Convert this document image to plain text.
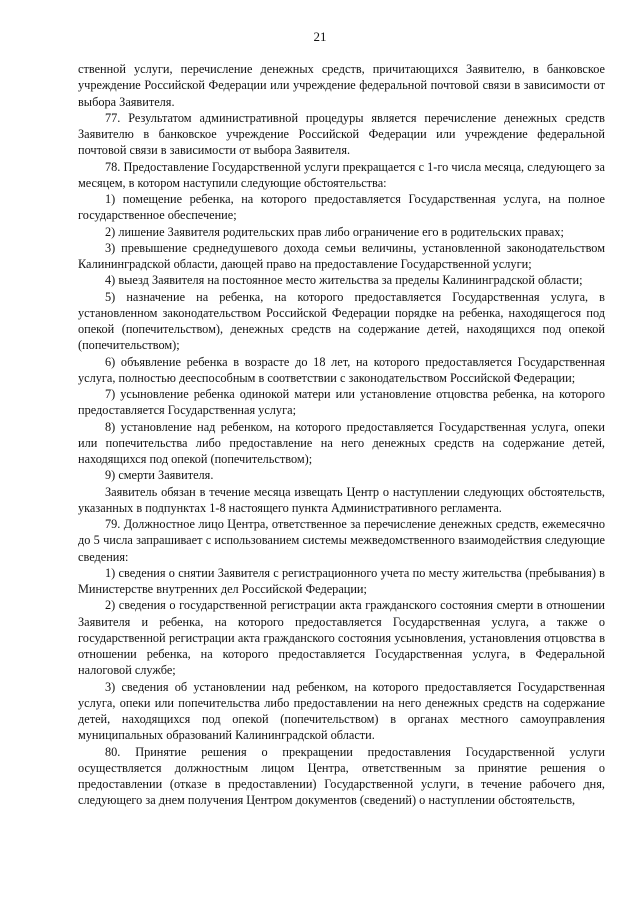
21

ственной услуги, перечисление денежных средств, причитающихся Заявителю, в банковское учреждение Российской Федерации или учреждение федеральной почтовой связи в зависимости от выбора Заявителя.

77. Результатом административной процедуры является перечисление денежных средств Заявителю в банковское учреждение Российской Федерации или учреждение федеральной почтовой связи в зависимости от выбора Заявителя.

78. Предоставление Государственной услуги прекращается с 1-го числа месяца, следующего за месяцем, в котором наступили следующие обстоятельства:

1) помещение ребенка, на которого предоставляется Государственная услуга, на полное государственное обеспечение;

2) лишение Заявителя родительских прав либо ограничение его в родительских правах;

3) превышение среднедушевого дохода семьи величины, установленной законодательством Калининградской области, дающей право на предоставление Государственной услуги;

4) выезд Заявителя на постоянное место жительства за пределы Калининградской области;

5) назначение на ребенка, на которого предоставляется Государственная услуга, в установленном законодательством Российской Федерации порядке на ребенка, находящегося под опекой (попечительством), денежных средств на содержание детей, находящихся под опекой (попечительством);

6) объявление ребенка в возрасте до 18 лет, на которого предоставляется Государственная услуга, полностью дееспособным в соответствии с законодательством Российской Федерации;

7) усыновление ребенка одинокой матери или установление отцовства ребенка, на которого предоставляется Государственная услуга;

8) установление над ребенком, на которого предоставляется Государственная услуга, опеки или попечительства либо предоставление на него денежных средств на содержание детей, находящихся под опекой (попечительством);

9) смерти Заявителя.

Заявитель обязан в течение месяца извещать Центр о наступлении следующих обстоятельств, указанных в подпунктах 1-8 настоящего пункта Административного регламента.

79. Должностное лицо Центра, ответственное за перечисление денежных средств, ежемесячно до 5 числа запрашивает с использованием системы межведомственного взаимодействия следующие сведения:

1) сведения о снятии Заявителя с регистрационного учета по месту жительства (пребывания) в Министерстве внутренних дел Российской Федерации;

2) сведения о государственной регистрации акта гражданского состояния смерти в отношении Заявителя и ребенка, на которого предоставляется Государственная услуга, а также о государственной регистрации акта гражданского состояния усыновления, установления отцовства в отношении ребенка, на которого предоставляется Государственная услуга, в Федеральной налоговой службе;

3) сведения об установлении над ребенком, на которого предоставляется Государственная услуга, опеки или попечительства либо предоставлении на него денежных средств на содержание детей, находящихся под опекой (попечительством) в органах местного самоуправления муниципальных образований Калининградской области.

80. Принятие решения о прекращении предоставления Государственной услуги осуществляется должностным лицом Центра, ответственным за принятие решения о предоставлении (отказе в предоставлении) Государственной услуги, в течение рабочего дня, следующего за днем получения Центром документов (сведений) о наступлении обстоятельств,
